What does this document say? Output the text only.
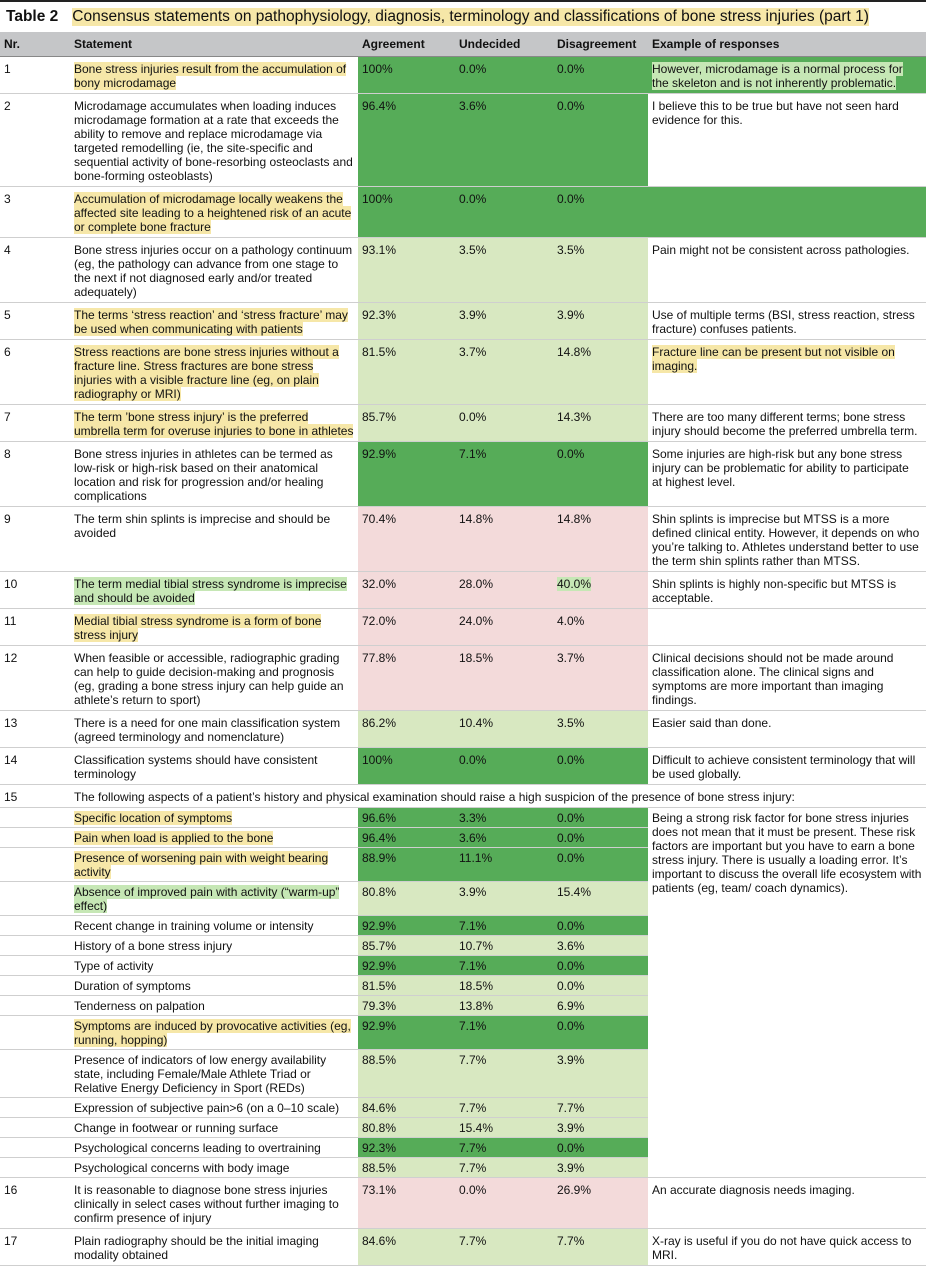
Table 2 Consensus statements on pathophysiology, diagnosis, terminology and classifications of bone stress injuries (part 1)
Nr.	Statement	Agreement	Undecided	Disagreement	Example of responses
1	Bone stress injuries result from the accumulation of bony microdamage	100%	0.0%	0.0%	However, microdamage is a normal process for the skeleton and is not inherently problematic.
2	Microdamage accumulates when loading induces microdamage formation at a rate that exceeds the ability to remove and replace microdamage via targeted remodelling (ie, the site-specific and sequential activity of bone-resorbing osteoclasts and bone-forming osteoblasts)	96.4%	3.6%	0.0%	I believe this to be true but have not seen hard evidence for this.
3	Accumulation of microdamage locally weakens the affected site leading to a heightened risk of an acute or complete bone fracture	100%	0.0%	0.0%	
4	Bone stress injuries occur on a pathology continuum (eg, the pathology can advance from one stage to the next if not diagnosed early and/or treated adequately)	93.1%	3.5%	3.5%	Pain might not be consistent across pathologies.
5	The terms ‘stress reaction’ and ‘stress fracture’ may be used when communicating with patients	92.3%	3.9%	3.9%	Use of multiple terms (BSI, stress reaction, stress fracture) confuses patients.
6	Stress reactions are bone stress injuries without a fracture line. Stress fractures are bone stress injuries with a visible fracture line (eg, on plain radiography or MRI)	81.5%	3.7%	14.8%	Fracture line can be present but not visible on imaging.
7	The term ’bone stress injury’ is the preferred umbrella term for overuse injuries to bone in athletes	85.7%	0.0%	14.3%	There are too many different terms; bone stress injury should become the preferred umbrella term.
8	Bone stress injuries in athletes can be termed as low-risk or high-risk based on their anatomical location and risk for progression and/or healing complications	92.9%	7.1%	0.0%	Some injuries are high-risk but any bone stress injury can be problematic for ability to participate at highest level.
9	The term shin splints is imprecise and should be avoided	70.4%	14.8%	14.8%	Shin splints is imprecise but MTSS is a more defined clinical entity. However, it depends on who you’re talking to. Athletes understand better to use the term shin splints rather than MTSS.
10	The term medial tibial stress syndrome is imprecise and should be avoided	32.0%	28.0%	40.0%	Shin splints is highly non-specific but MTSS is acceptable.
11	Medial tibial stress syndrome is a form of bone stress injury	72.0%	24.0%	4.0%	
12	When feasible or accessible, radiographic grading can help to guide decision-making and prognosis (eg, grading a bone stress injury can help guide an athlete’s return to sport)	77.8%	18.5%	3.7%	Clinical decisions should not be made around classification alone. The clinical signs and symptoms are more important than imaging findings.
13	There is a need for one main classification system (agreed terminology and nomenclature)	86.2%	10.4%	3.5%	Easier said than done.
14	Classification systems should have consistent terminology	100%	0.0%	0.0%	Difficult to achieve consistent terminology that will be used globally.
15	The following aspects of a patient’s history and physical examination should raise a high suspicion of the presence of bone stress injury:				
	Specific location of symptoms	96.6%	3.3%	0.0%	Being a strong risk factor for bone stress injuries does not mean that it must be present. These risk factors are important but you have to earn a bone stress injury. There is usually a loading error. It’s important to discuss the overall life ecosystem with patients (eg, team/ coach dynamics).
	Pain when load is applied to the bone	96.4%	3.6%	0.0%	
	Presence of worsening pain with weight bearing activity	88.9%	11.1%	0.0%	
	Absence of improved pain with activity (“warm-up” effect)	80.8%	3.9%	15.4%	
	Recent change in training volume or intensity	92.9%	7.1%	0.0%	
	History of a bone stress injury	85.7%	10.7%	3.6%	
	Type of activity	92.9%	7.1%	0.0%	
	Duration of symptoms	81.5%	18.5%	0.0%	
	Tenderness on palpation	79.3%	13.8%	6.9%	
	Symptoms are induced by provocative activities (eg, running, hopping)	92.9%	7.1%	0.0%	
	Presence of indicators of low energy availability state, including Female/Male Athlete Triad or Relative Energy Deficiency in Sport (REDs)	88.5%	7.7%	3.9%	
	Expression of subjective pain>6 (on a 0–10 scale)	84.6%	7.7%	7.7%	
	Change in footwear or running surface	80.8%	15.4%	3.9%	
	Psychological concerns leading to overtraining	92.3%	7.7%	0.0%	
	Psychological concerns with body image	88.5%	7.7%	3.9%	
16	It is reasonable to diagnose bone stress injuries clinically in select cases without further imaging to confirm presence of injury	73.1%	0.0%	26.9%	An accurate diagnosis needs imaging.
17	Plain radiography should be the initial imaging modality obtained	84.6%	7.7%	7.7%	X-ray is useful if you do not have quick access to MRI.
